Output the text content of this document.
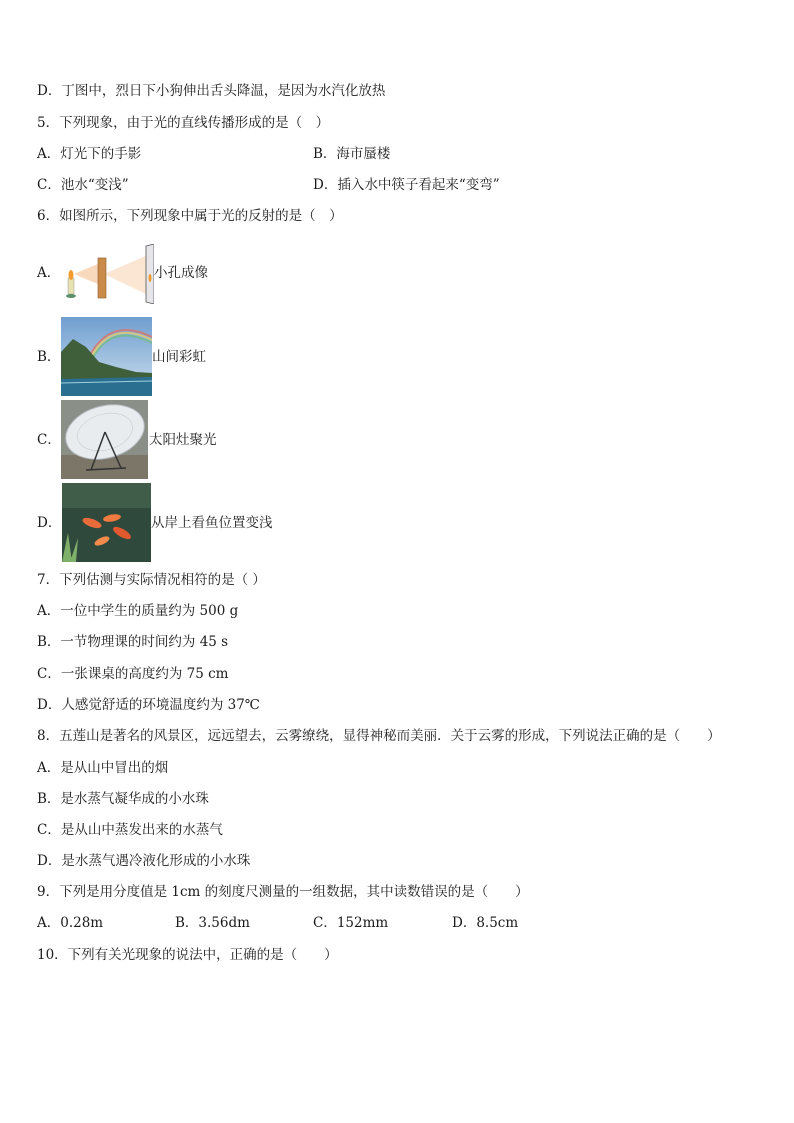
D．丁图中，烈日下小狗伸出舌头降温，是因为水汽化放热
5．下列现象，由于光的直线传播形成的是（　）
A．灯光下的手影	B．海市蜃楼
C．池水“变浅”	D．插入水中筷子看起来“变弯”
6．如图所示，下列现象中属于光的反射的是（　）
A．	小孔成像
B．	山间彩虹
C．	太阳灶聚光
D．	从岸上看鱼位置变浅
7．下列估测与实际情况相符的是（ ）
A．一位中学生的质量约为 500 g
B．一节物理课的时间约为 45 s
C．一张课桌的高度约为 75 cm
D．人感觉舒适的环境温度约为 37℃
8．五莲山是著名的风景区，远远望去，云雾缭绕，显得神秘而美丽．关于云雾的形成，下列说法正确的是（　　）
A．是从山中冒出的烟
B．是水蒸气凝华成的小水珠
C．是从山中蒸发出来的水蒸气
D．是水蒸气遇冷液化形成的小水珠
9．下列是用分度值是 1cm 的刻度尺测量的一组数据，其中读数错误的是（　　）
A．0.28m	B．3.56dm	C．152mm	D．8.5cm
10．下列有关光现象的说法中，正确的是（　　）
